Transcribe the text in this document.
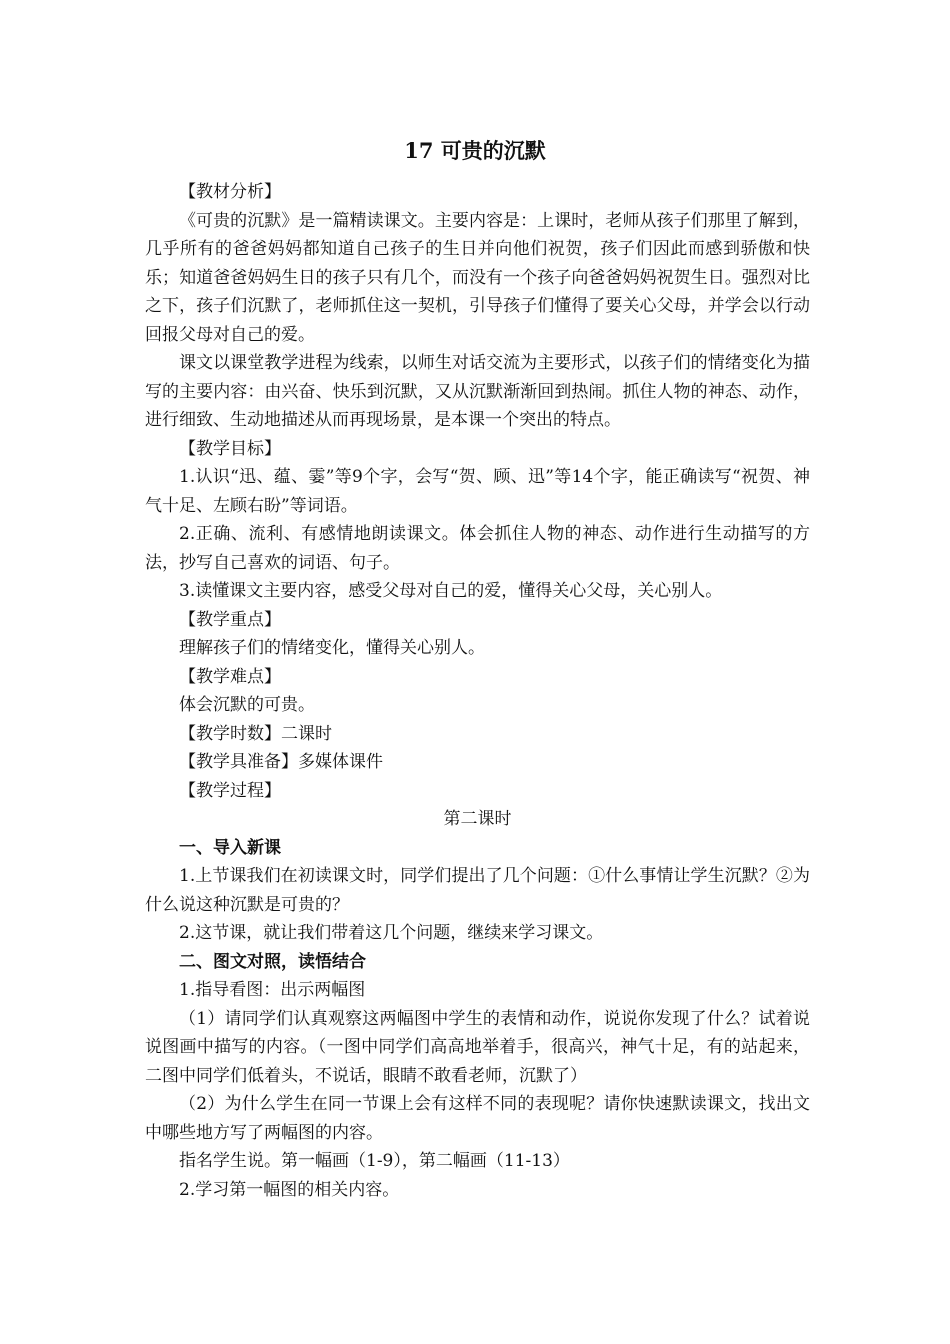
17 可贵的沉默

【教材分析】

《可贵的沉默》是一篇精读课文。主要内容是：上课时，老师从孩子们那里了解到，几乎所有的爸爸妈妈都知道自己孩子的生日并向他们祝贺，孩子们因此而感到骄傲和快乐；知道爸爸妈妈生日的孩子只有几个，而没有一个孩子向爸爸妈妈祝贺生日。强烈对比之下，孩子们沉默了，老师抓住这一契机，引导孩子们懂得了要关心父母，并学会以行动回报父母对自己的爱。

课文以课堂教学进程为线索，以师生对话交流为主要形式，以孩子们的情绪变化为描写的主要内容：由兴奋、快乐到沉默，又从沉默渐渐回到热闹。抓住人物的神态、动作，进行细致、生动地描述从而再现场景，是本课一个突出的特点。

【教学目标】

1.认识“迅、蕴、霎”等9个字，会写“贺、顾、迅”等14个字，能正确读写“祝贺、神气十足、左顾右盼”等词语。

2.正确、流利、有感情地朗读课文。体会抓住人物的神态、动作进行生动描写的方法，抄写自己喜欢的词语、句子。

3.读懂课文主要内容，感受父母对自己的爱，懂得关心父母，关心别人。

【教学重点】

理解孩子们的情绪变化，懂得关心别人。

【教学难点】

体会沉默的可贵。

【教学时数】二课时

【教学具准备】多媒体课件

【教学过程】

第二课时

一、导入新课

1.上节课我们在初读课文时，同学们提出了几个问题：①什么事情让学生沉默？②为什么说这种沉默是可贵的？

2.这节课，就让我们带着这几个问题，继续来学习课文。

二、图文对照，读悟结合

1.指导看图：出示两幅图

（1）请同学们认真观察这两幅图中学生的表情和动作，说说你发现了什么？试着说说图画中描写的内容。（一图中同学们高高地举着手，很高兴，神气十足，有的站起来，二图中同学们低着头，不说话，眼睛不敢看老师，沉默了）

（2）为什么学生在同一节课上会有这样不同的表现呢？请你快速默读课文，找出文中哪些地方写了两幅图的内容。

指名学生说。第一幅画（1-9），第二幅画（11-13）

2.学习第一幅图的相关内容。
